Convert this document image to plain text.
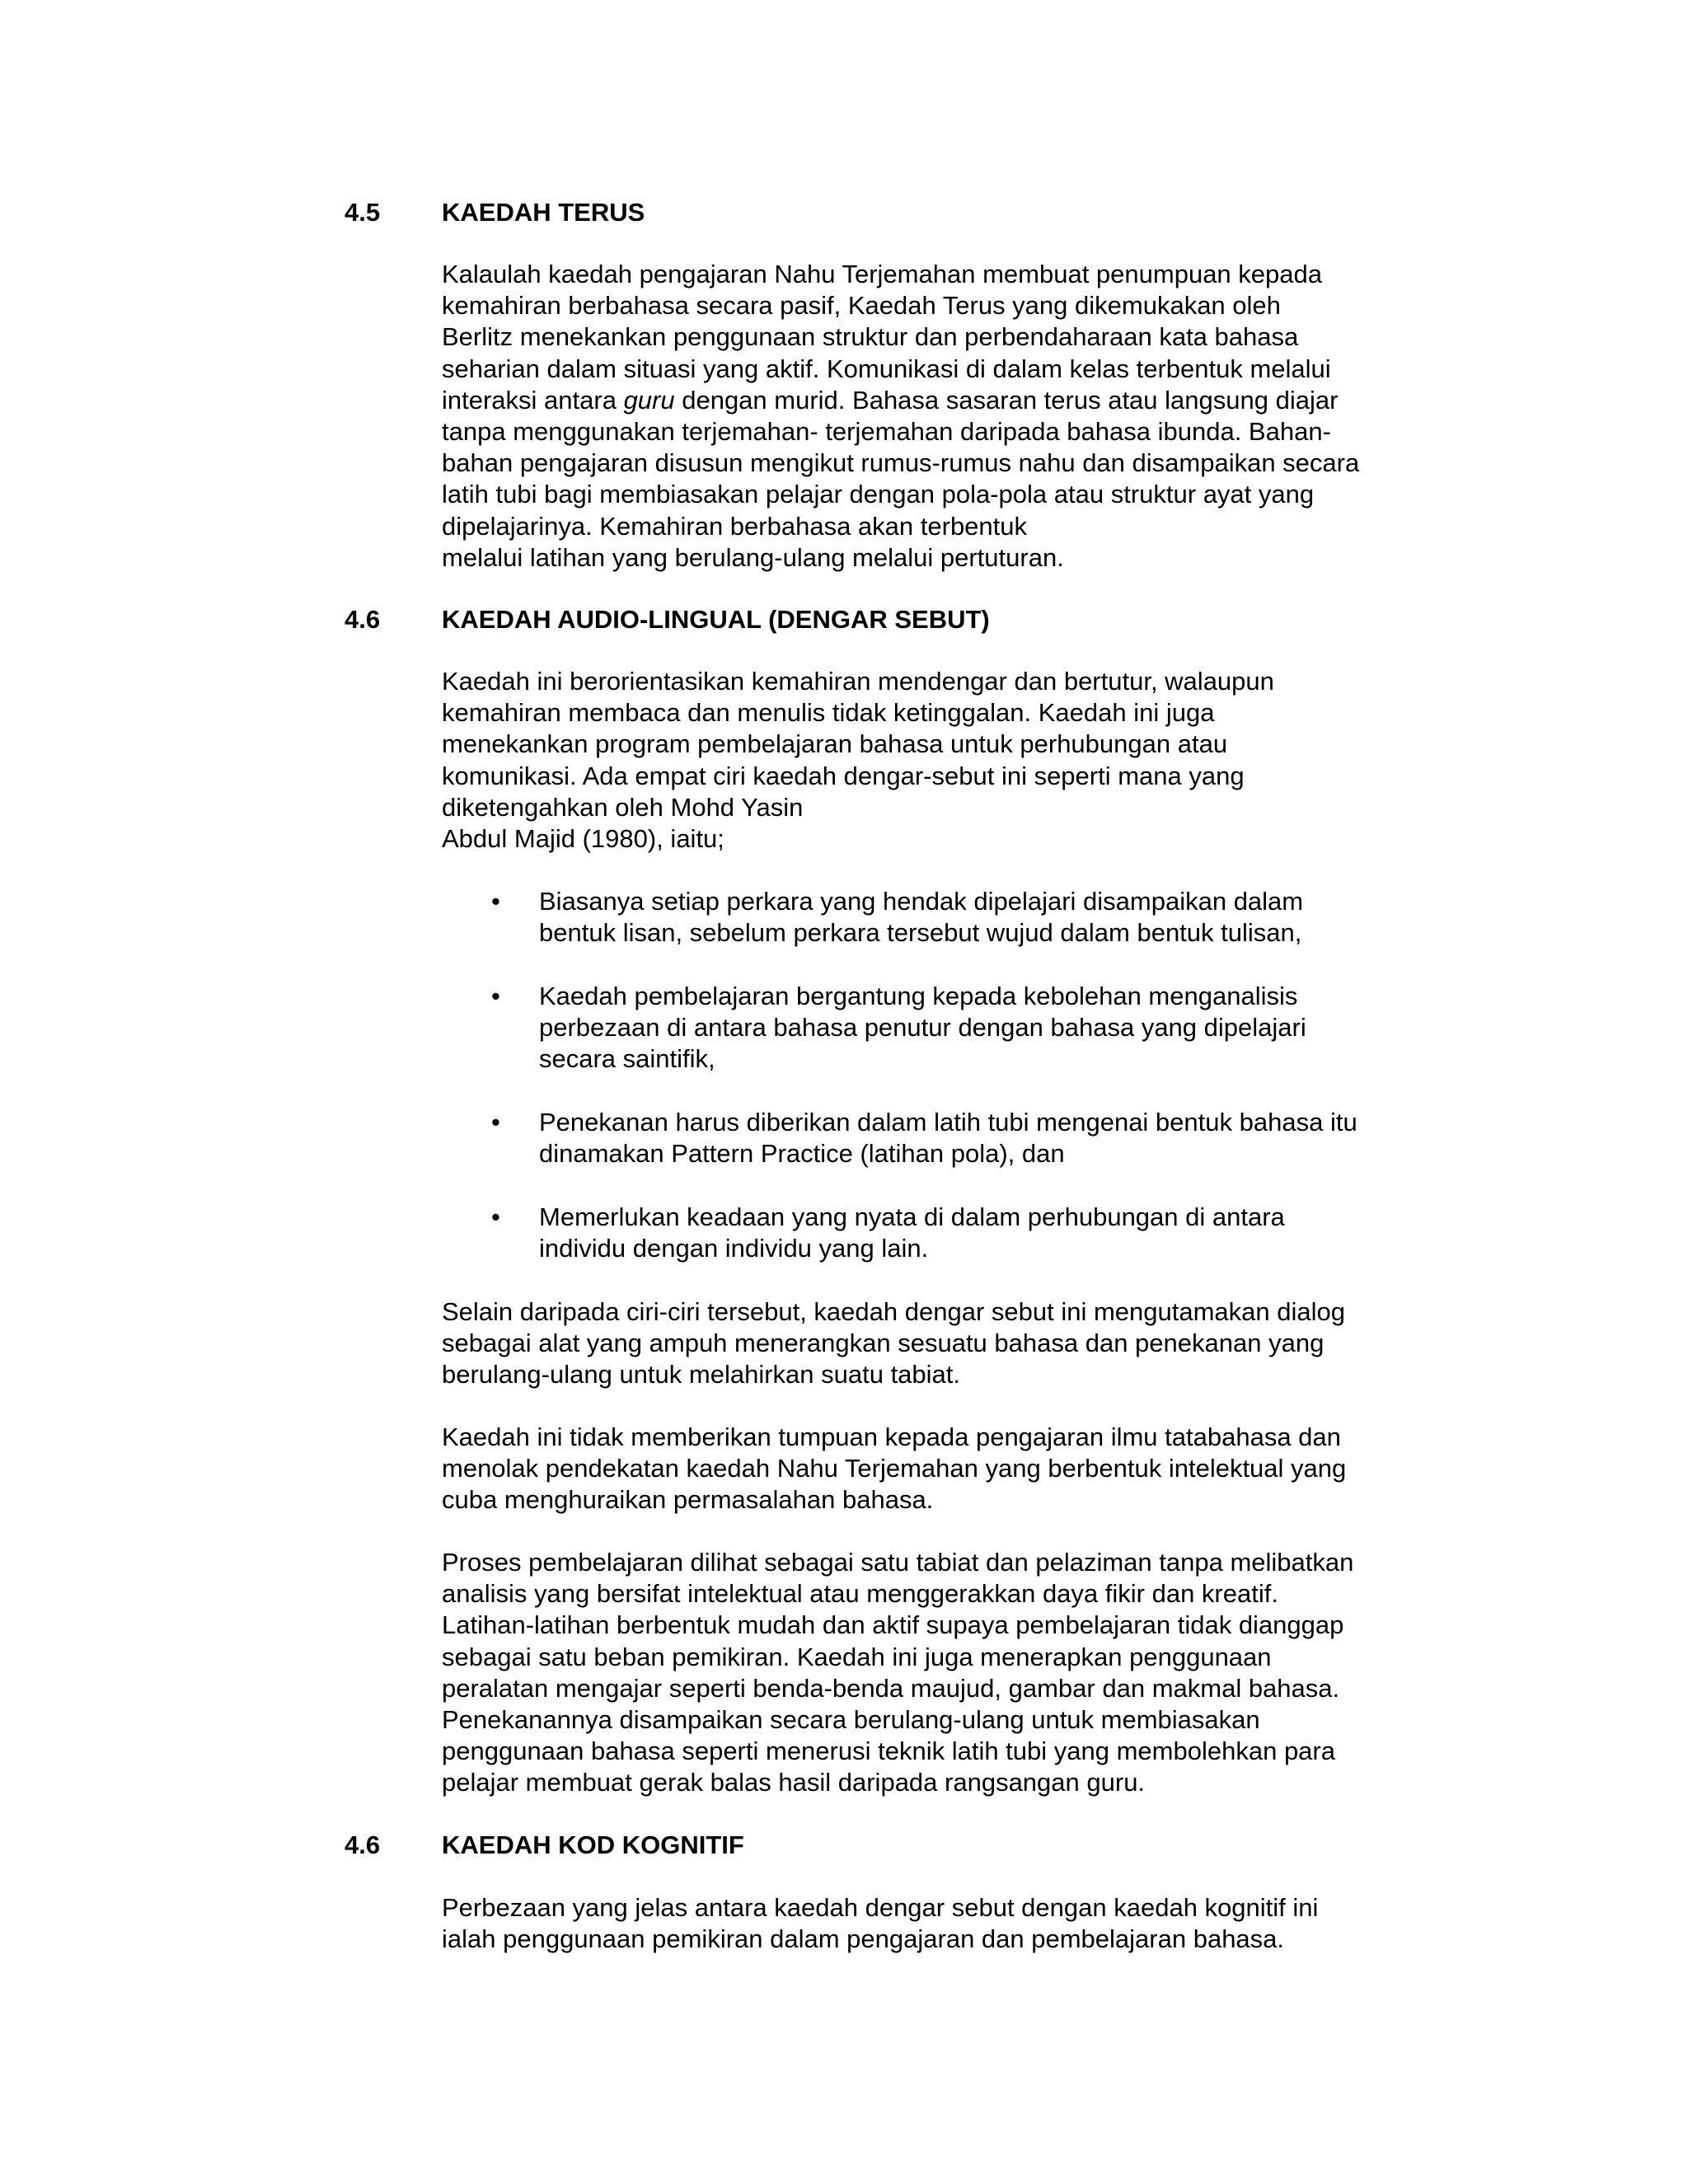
4.5 KAEDAH TERUS
Kalaulah kaedah pengajaran Nahu Terjemahan membuat penumpuan kepada
kemahiran berbahasa secara pasif, Kaedah Terus yang dikemukakan oleh
Berlitz menekankan penggunaan struktur dan perbendaharaan kata bahasa
seharian dalam situasi yang aktif. Komunikasi di dalam kelas terbentuk melalui
interaksi antara guru dengan murid. Bahasa sasaran terus atau langsung diajar
tanpa menggunakan terjemahan- terjemahan daripada bahasa ibunda. Bahan-
bahan pengajaran disusun mengikut rumus-rumus nahu dan disampaikan secara
latih tubi bagi membiasakan pelajar dengan pola-pola atau struktur ayat yang
dipelajarinya. Kemahiran berbahasa akan terbentuk
melalui latihan yang berulang-ulang melalui pertuturan.
4.6 KAEDAH AUDIO-LINGUAL (DENGAR SEBUT)
Kaedah ini berorientasikan kemahiran mendengar dan bertutur, walaupun
kemahiran membaca dan menulis tidak ketinggalan. Kaedah ini juga
menekankan program pembelajaran bahasa untuk perhubungan atau
komunikasi. Ada empat ciri kaedah dengar-sebut ini seperti mana yang
diketengahkan oleh Mohd Yasin
Abdul Majid (1980), iaitu;
• Biasanya setiap perkara yang hendak dipelajari disampaikan dalam
bentuk lisan, sebelum perkara tersebut wujud dalam bentuk tulisan,
• Kaedah pembelajaran bergantung kepada kebolehan menganalisis
perbezaan di antara bahasa penutur dengan bahasa yang dipelajari
secara saintifik,
• Penekanan harus diberikan dalam latih tubi mengenai bentuk bahasa itu
dinamakan Pattern Practice (latihan pola), dan
• Memerlukan keadaan yang nyata di dalam perhubungan di antara
individu dengan individu yang lain.
Selain daripada ciri-ciri tersebut, kaedah dengar sebut ini mengutamakan dialog
sebagai alat yang ampuh menerangkan sesuatu bahasa dan penekanan yang
berulang-ulang untuk melahirkan suatu tabiat.
Kaedah ini tidak memberikan tumpuan kepada pengajaran ilmu tatabahasa dan
menolak pendekatan kaedah Nahu Terjemahan yang berbentuk intelektual yang
cuba menghuraikan permasalahan bahasa.
Proses pembelajaran dilihat sebagai satu tabiat dan pelaziman tanpa melibatkan
analisis yang bersifat intelektual atau menggerakkan daya fikir dan kreatif.
Latihan-latihan berbentuk mudah dan aktif supaya pembelajaran tidak dianggap
sebagai satu beban pemikiran. Kaedah ini juga menerapkan penggunaan
peralatan mengajar seperti benda-benda maujud, gambar dan makmal bahasa.
Penekanannya disampaikan secara berulang-ulang untuk membiasakan
penggunaan bahasa seperti menerusi teknik latih tubi yang membolehkan para
pelajar membuat gerak balas hasil daripada rangsangan guru.
4.6 KAEDAH KOD KOGNITIF
Perbezaan yang jelas antara kaedah dengar sebut dengan kaedah kognitif ini
ialah penggunaan pemikiran dalam pengajaran dan pembelajaran bahasa.
